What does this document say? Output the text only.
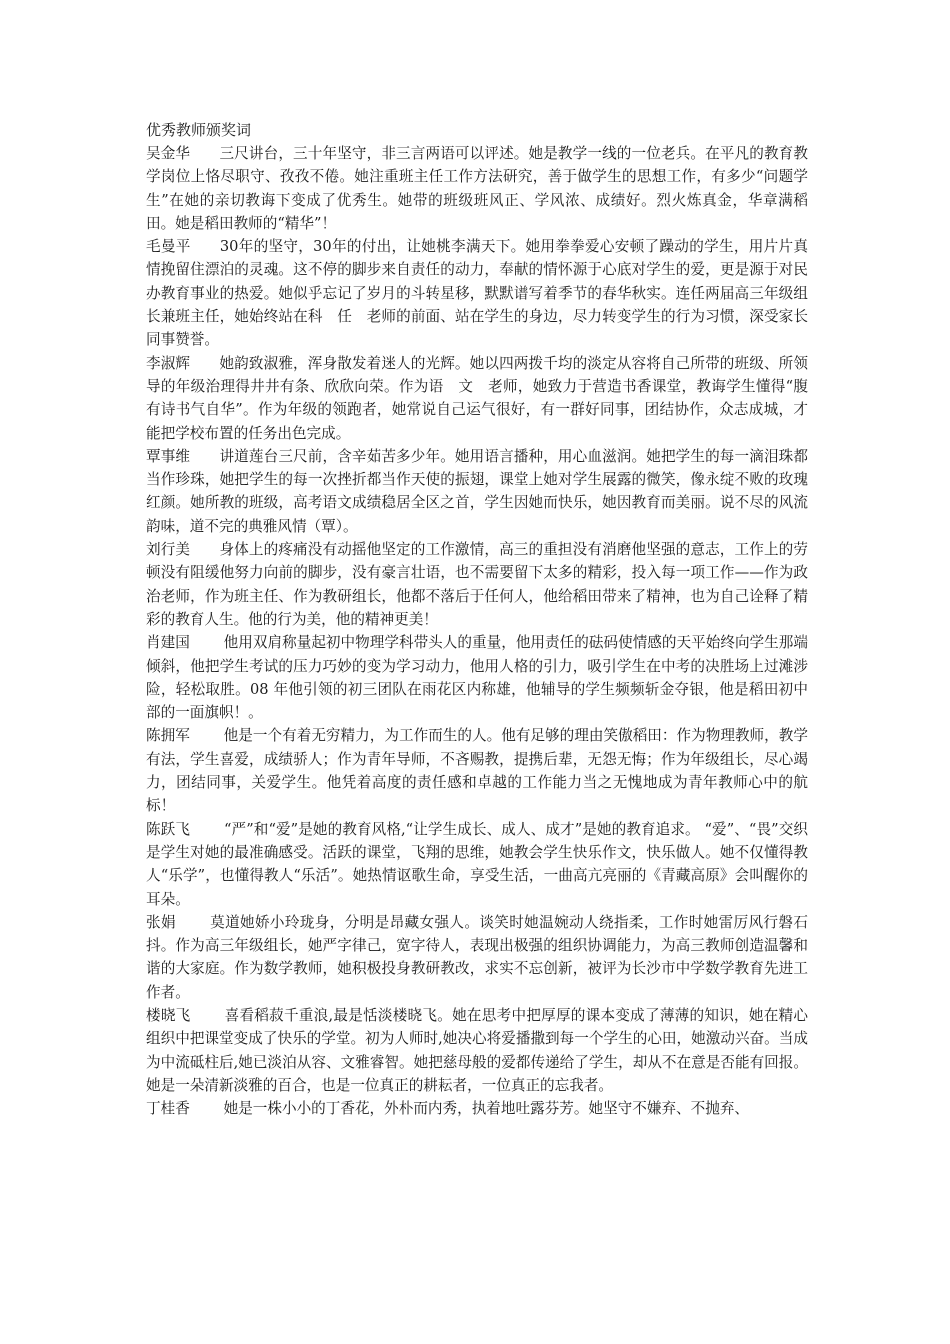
优秀教师颁奖词

吴金华 三尺讲台，三十年坚守，非三言两语可以评述。她是教学一线的一位老兵。在平凡的教育教学岗位上恪尽职守、孜孜不倦。她注重班主任工作方法研究，善于做学生的思想工作，有多少“问题学生”在她的亲切教诲下变成了优秀生。她带的班级班风正、学风浓、成绩好。烈火炼真金，华章满稻田。她是稻田教师的“精华”！

毛曼平 30年的坚守，30年的付出，让她桃李满天下。她用拳拳爱心安顿了躁动的学生，用片片真情挽留住漂泊的灵魂。这不停的脚步来自责任的动力，奉献的情怀源于心底对学生的爱，更是源于对民办教育事业的热爱。她似乎忘记了岁月的斗转星移，默默谱写着季节的春华秋实。连任两届高三年级组长兼班主任，她始终站在科　任　老师的前面、站在学生的身边，尽力转变学生的行为习惯，深受家长同事赞誉。

李淑辉 她韵致淑雅，浑身散发着迷人的光辉。她以四两拨千均的淡定从容将自己所带的班级、所领导的年级治理得井井有条、欣欣向荣。作为语　文　老师，她致力于营造书香课堂，教诲学生懂得“腹有诗书气自华”。作为年级的领跑者，她常说自己运气很好，有一群好同事，团结协作，众志成城，才能把学校布置的任务出色完成。

覃事维 讲道莲台三尺前，含辛茹苦多少年。她用语言播种，用心血滋润。她把学生的每一滴泪珠都当作珍珠，她把学生的每一次挫折都当作天使的振翅，课堂上她对学生展露的微笑，像永绽不败的玫瑰红颜。她所教的班级，高考语文成绩稳居全区之首，学生因她而快乐，她因教育而美丽。说不尽的风流韵味，道不完的典雅风情（覃）。

刘行美 身体上的疼痛没有动摇他坚定的工作激情，高三的重担没有消磨他坚强的意志，工作上的劳顿没有阻缓他努力向前的脚步，没有豪言壮语，也不需要留下太多的精彩，投入每一项工作——作为政治老师，作为班主任、作为教研组长，他都不落后于任何人，他给稻田带来了精神，也为自己诠释了精彩的教育人生。他的行为美，他的精神更美！

肖建国 他用双肩称量起初中物理学科带头人的重量，他用责任的砝码使情感的天平始终向学生那端倾斜，他把学生考试的压力巧妙的变为学习动力，他用人格的引力，吸引学生在中考的决胜场上过滩涉险，轻松取胜。08 年他引领的初三团队在雨花区内称雄，他辅导的学生频频斩金夺银，他是稻田初中部的一面旗帜！。

陈拥军 他是一个有着无穷精力，为工作而生的人。他有足够的理由笑傲稻田：作为物理教师，教学有法，学生喜爱，成绩骄人；作为青年导师，不吝赐教，提携后辈，无怨无悔；作为年级组长，尽心竭力，团结同事，关爱学生。他凭着高度的责任感和卓越的工作能力当之无愧地成为青年教师心中的航标！

陈跃飞 “严”和“爱”是她的教育风格,“让学生成长、成人、成才”是她的教育追求。 “爱”、“畏”交织是学生对她的最准确感受。活跃的课堂，飞翔的思维，她教会学生快乐作文，快乐做人。她不仅懂得教人“乐学”，也懂得教人“乐活”。她热情讴歌生命，享受生活，一曲高亢亮丽的《青藏高原》会叫醒你的耳朵。

张娟 莫道她娇小玲珑身，分明是昂藏女强人。谈笑时她温婉动人绕指柔，工作时她雷厉风行磐石抖。作为高三年级组长，她严字律己，宽字待人，表现出极强的组织协调能力，为高三教师创造温馨和谐的大家庭。作为数学教师，她积极投身教研教改，求实不忘创新，被评为长沙市中学数学教育先进工作者。

楼晓飞 喜看稻菽千重浪,最是恬淡楼晓飞。她在思考中把厚厚的课本变成了薄薄的知识，她在精心组织中把课堂变成了快乐的学堂。初为人师时,她决心将爱播撒到每一个学生的心田，她激动兴奋。当成为中流砥柱后,她已淡泊从容、文雅睿智。她把慈母般的爱都传递给了学生，却从不在意是否能有回报。她是一朵清新淡雅的百合，也是一位真正的耕耘者，一位真正的忘我者。

丁桂香 她是一株小小的丁香花，外朴而内秀，执着地吐露芬芳。她坚守不嫌弃、不抛弃、
